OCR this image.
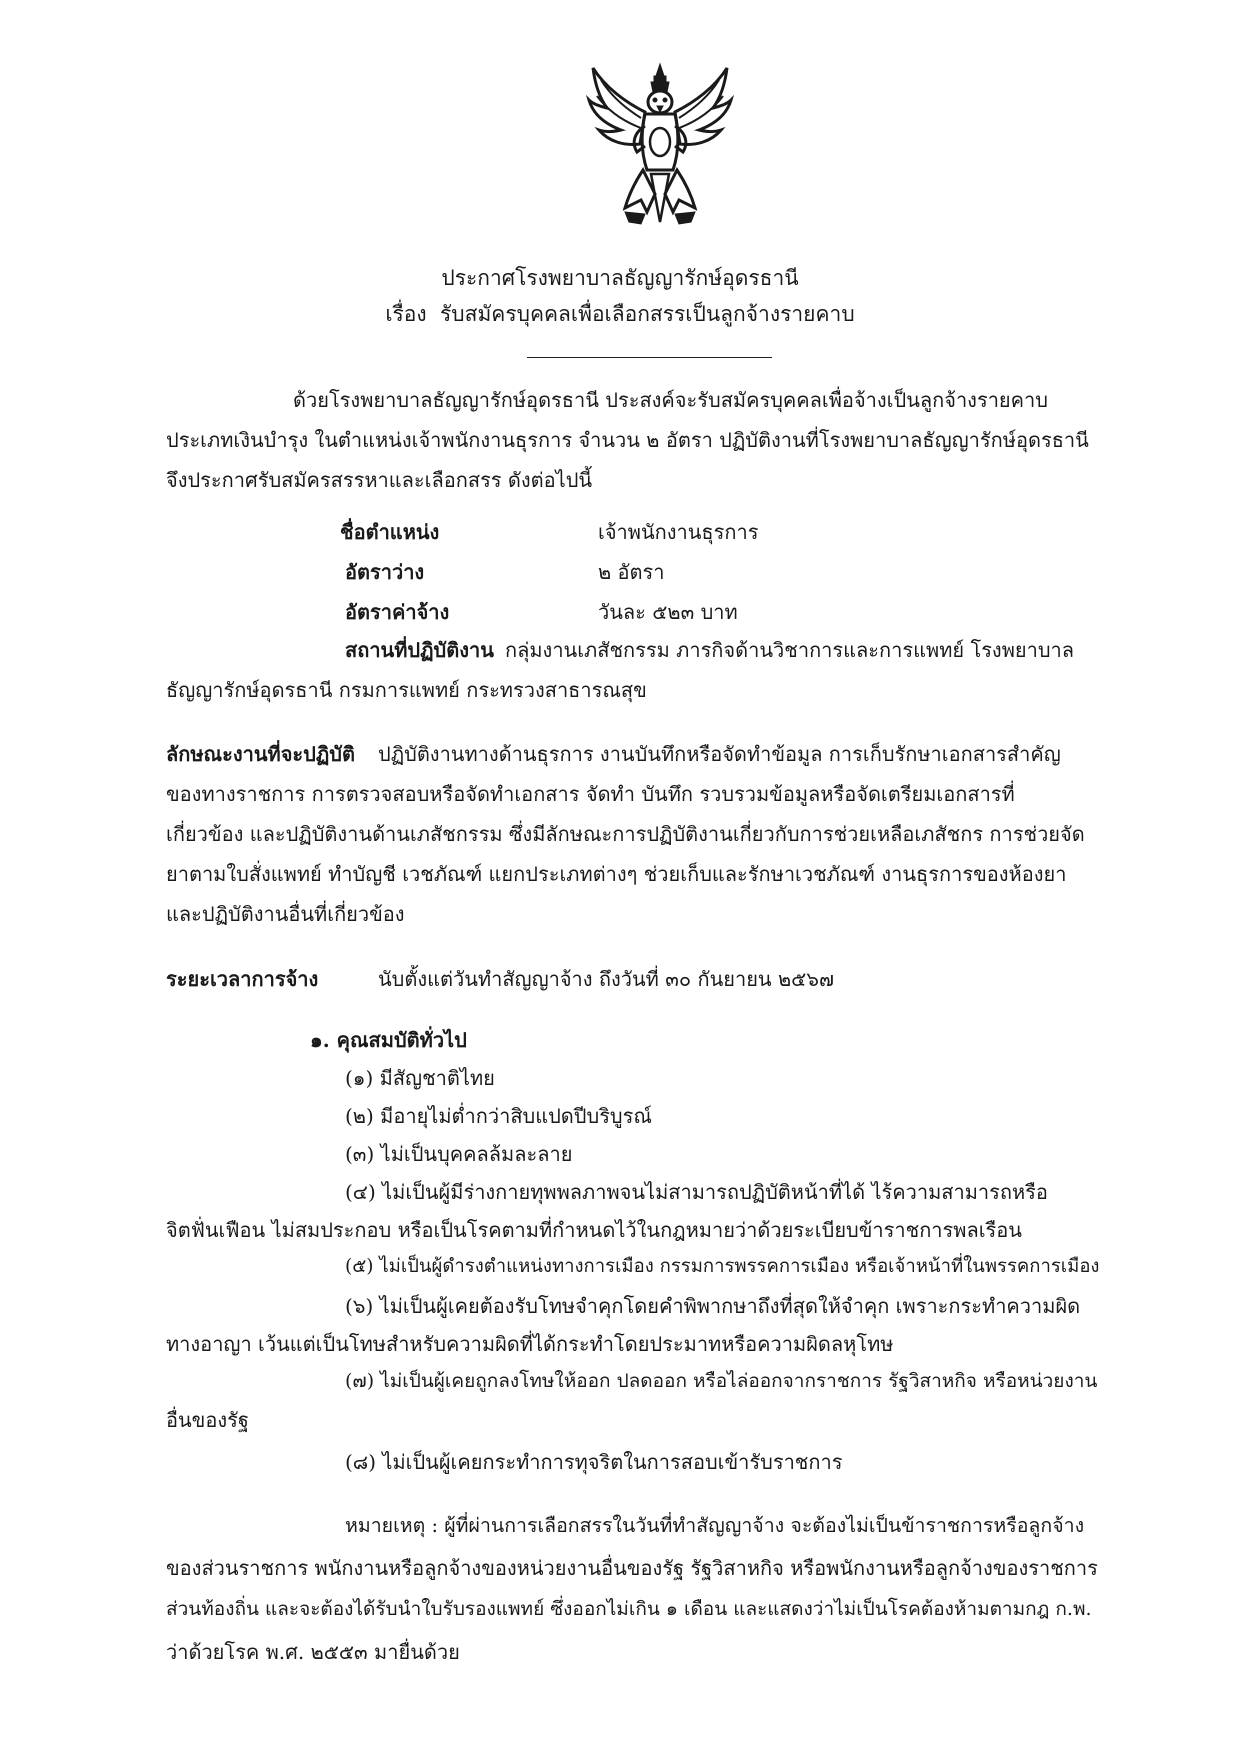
ประกาศโรงพยาบาลธัญญารักษ์อุดรธานี
เรื่อง รับสมัครบุคคลเพื่อเลือกสรรเป็นลูกจ้างรายคาบ
ด้วยโรงพยาบาลธัญญารักษ์อุดรธานี ประสงค์จะรับสมัครบุคคลเพื่อจ้างเป็นลูกจ้างรายคาบ
ประเภทเงินบำรุง ในตำแหน่งเจ้าพนักงานธุรการ จำนวน ๒ อัตรา ปฏิบัติงานที่โรงพยาบาลธัญญารักษ์อุดรธานี
จึงประกาศรับสมัครสรรหาและเลือกสรร ดังต่อไปนี้
ชื่อตำแหน่ง	เจ้าพนักงานธุรการ
อัตราว่าง	๒ อัตรา
อัตราค่าจ้าง	วันละ ๕๒๓ บาท
สถานที่ปฏิบัติงาน กลุ่มงานเภสัชกรรม ภารกิจด้านวิชาการและการแพทย์ โรงพยาบาล
ธัญญารักษ์อุดรธานี กรมการแพทย์ กระทรวงสาธารณสุข
ลักษณะงานที่จะปฏิบัติ ปฏิบัติงานทางด้านธุรการ งานบันทึกหรือจัดทำข้อมูล การเก็บรักษาเอกสารสำคัญ
ของทางราชการ การตรวจสอบหรือจัดทำเอกสาร จัดทำ บันทึก รวบรวมข้อมูลหรือจัดเตรียมเอกสารที่
เกี่ยวข้อง และปฏิบัติงานด้านเภสัชกรรม ซึ่งมีลักษณะการปฏิบัติงานเกี่ยวกับการช่วยเหลือเภสัชกร การช่วยจัด
ยาตามใบสั่งแพทย์ ทำบัญชี เวชภัณฑ์ แยกประเภทต่างๆ ช่วยเก็บและรักษาเวชภัณฑ์ งานธุรการของห้องยา
และปฏิบัติงานอื่นที่เกี่ยวข้อง
ระยะเวลาการจ้าง	นับตั้งแต่วันทำสัญญาจ้าง ถึงวันที่ ๓๐ กันยายน ๒๕๖๗
๑. คุณสมบัติทั่วไป
(๑) มีสัญชาติไทย
(๒) มีอายุไม่ต่ำกว่าสิบแปดปีบริบูรณ์
(๓) ไม่เป็นบุคคลล้มละลาย
(๔) ไม่เป็นผู้มีร่างกายทุพพลภาพจนไม่สามารถปฏิบัติหน้าที่ได้ ไร้ความสามารถหรือ
จิตฟั่นเฟือน ไม่สมประกอบ หรือเป็นโรคตามที่กำหนดไว้ในกฎหมายว่าด้วยระเบียบข้าราชการพลเรือน
(๕) ไม่เป็นผู้ดำรงตำแหน่งทางการเมือง กรรมการพรรคการเมือง หรือเจ้าหน้าที่ในพรรคการเมือง
(๖) ไม่เป็นผู้เคยต้องรับโทษจำคุกโดยคำพิพากษาถึงที่สุดให้จำคุก เพราะกระทำความผิด
ทางอาญา เว้นแต่เป็นโทษสำหรับความผิดที่ได้กระทำโดยประมาทหรือความผิดลหุโทษ
(๗) ไม่เป็นผู้เคยถูกลงโทษให้ออก ปลดออก หรือไล่ออกจากราชการ รัฐวิสาหกิจ หรือหน่วยงาน
อื่นของรัฐ
(๘) ไม่เป็นผู้เคยกระทำการทุจริตในการสอบเข้ารับราชการ
หมายเหตุ : ผู้ที่ผ่านการเลือกสรรในวันที่ทำสัญญาจ้าง จะต้องไม่เป็นข้าราชการหรือลูกจ้าง
ของส่วนราชการ พนักงานหรือลูกจ้างของหน่วยงานอื่นของรัฐ รัฐวิสาหกิจ หรือพนักงานหรือลูกจ้างของราชการ
ส่วนท้องถิ่น และจะต้องได้รับนำใบรับรองแพทย์ ซึ่งออกไม่เกิน ๑ เดือน และแสดงว่าไม่เป็นโรคต้องห้ามตามกฎ ก.พ.
ว่าด้วยโรค พ.ศ. ๒๕๕๓ มายื่นด้วย
